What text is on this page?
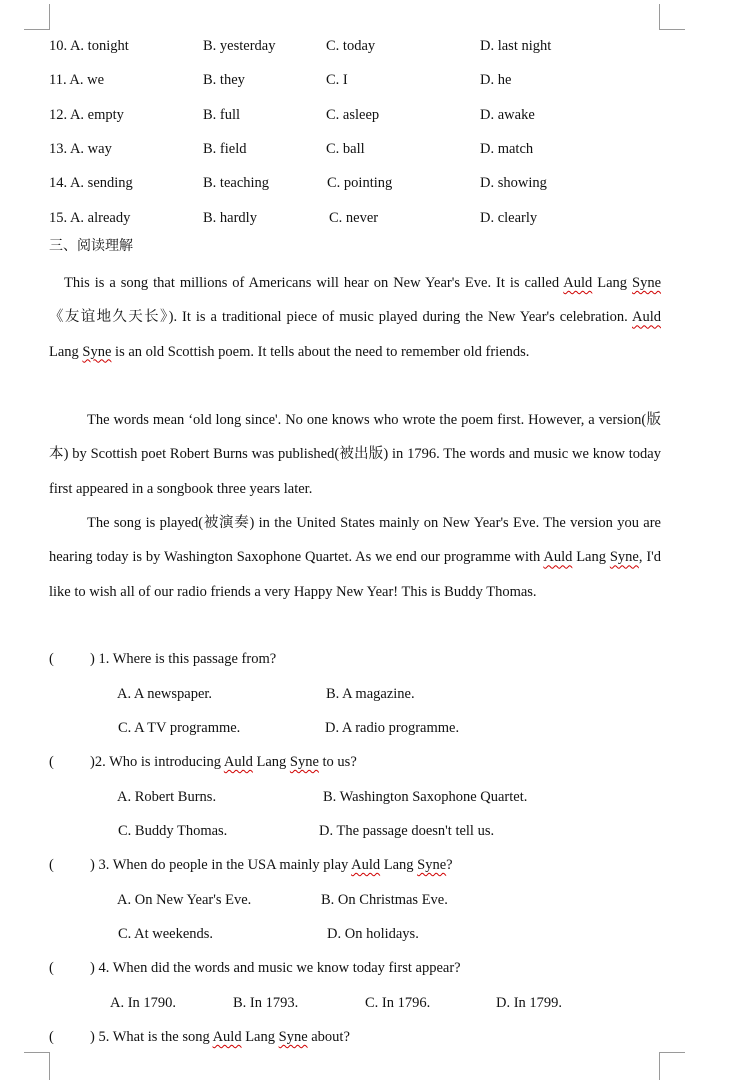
10. A. tonight	B. yesterday	C. today	D. last night
11. A. we	B. they	C. I	D. he
12. A. empty	B. full	C. asleep	D. awake
13. A. way	B. field	C. ball	D. match
14. A. sending	B. teaching	C. pointing	D. showing
15. A. already	B. hardly	C. never	D. clearly
三、阅读理解

This is a song that millions of Americans will hear on New Year's Eve. It is called Auld Lang Syne 《友谊地久天长》). It is a traditional piece of music played during the New Year's celebration. Auld Lang Syne is an old Scottish poem. It tells about the need to remember old friends.

The words mean ‘old long since'. No one knows who wrote the poem first. However, a version(版本) by Scottish poet Robert Burns was published(被出版) in 1796. The words and music we know today first appeared in a songbook three years later.

The song is played(被演奏) in the United States mainly on New Year's Eve. The version you are hearing today is by Washington Saxophone Quartet. As we end our programme with Auld Lang Syne, I'd like to wish all of our radio friends a very Happy New Year! This is Buddy Thomas.

( ) 1. Where is this passage from?
A. A newspaper.	B. A magazine.
C. A TV programme.	D. A radio programme.
( )2. Who is introducing Auld Lang Syne to us?
A. Robert Burns.	B. Washington Saxophone Quartet.
C. Buddy Thomas.	D. The passage doesn't tell us.
( ) 3. When do people in the USA mainly play Auld Lang Syne?
A. On New Year's Eve.	B. On Christmas Eve.
C. At weekends.	D. On holidays.
( ) 4. When did the words and music we know today first appear?
A. In 1790.	B. In 1793.	C. In 1796.	D. In 1799.
( ) 5. What is the song Auld Lang Syne about?
